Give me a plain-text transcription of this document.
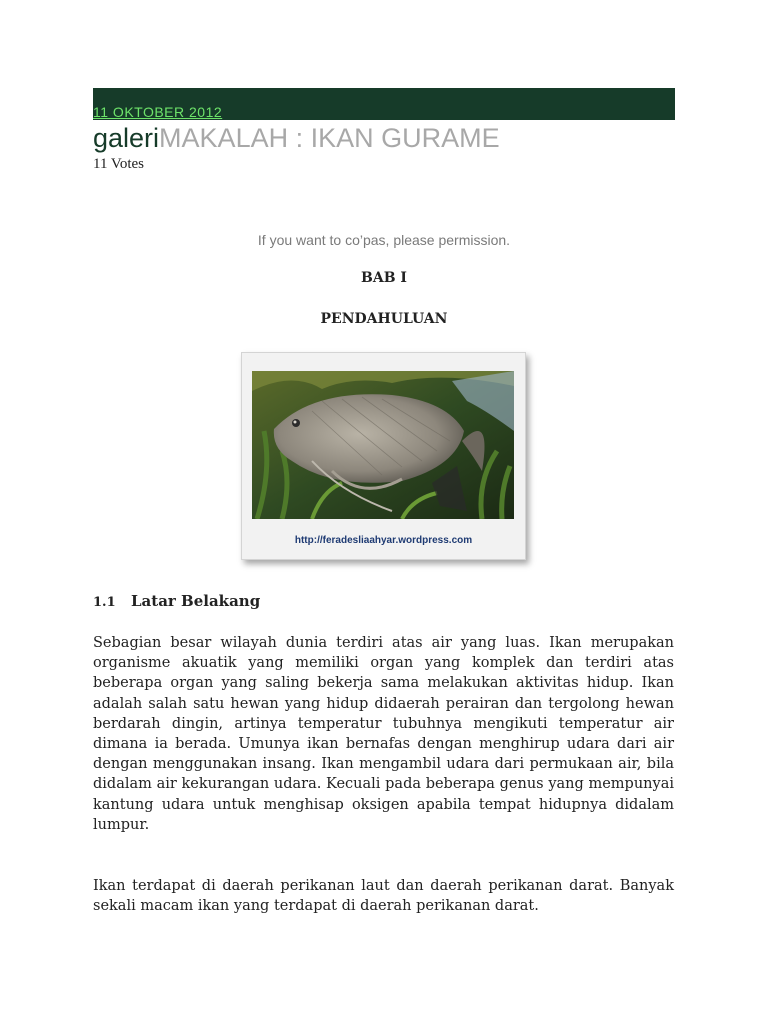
11 OKTOBER 2012
galeriMAKALAH : IKAN GURAME
11 Votes
If you want to co’pas, please permission.
BAB I
PENDAHULUAN
http://feradesliaahyar.wordpress.com
1.1 Latar Belakang

Sebagian besar wilayah dunia terdiri atas air yang luas. Ikan merupakan organisme akuatik yang memiliki organ yang komplek dan terdiri atas beberapa organ yang saling bekerja sama melakukan aktivitas hidup. Ikan adalah salah satu hewan yang hidup didaerah perairan dan tergolong hewan berdarah dingin, artinya temperatur tubuhnya mengikuti temperatur air dimana ia berada. Umunya ikan bernafas dengan menghirup udara dari air dengan menggunakan insang. Ikan mengambil udara dari permukaan air, bila didalam air kekurangan udara. Kecuali pada beberapa genus yang mempunyai kantung udara untuk menghisap oksigen apabila tempat hidupnya didalam lumpur.

Ikan terdapat di daerah perikanan laut dan daerah perikanan darat. Banyak sekali macam ikan yang terdapat di daerah perikanan darat.
